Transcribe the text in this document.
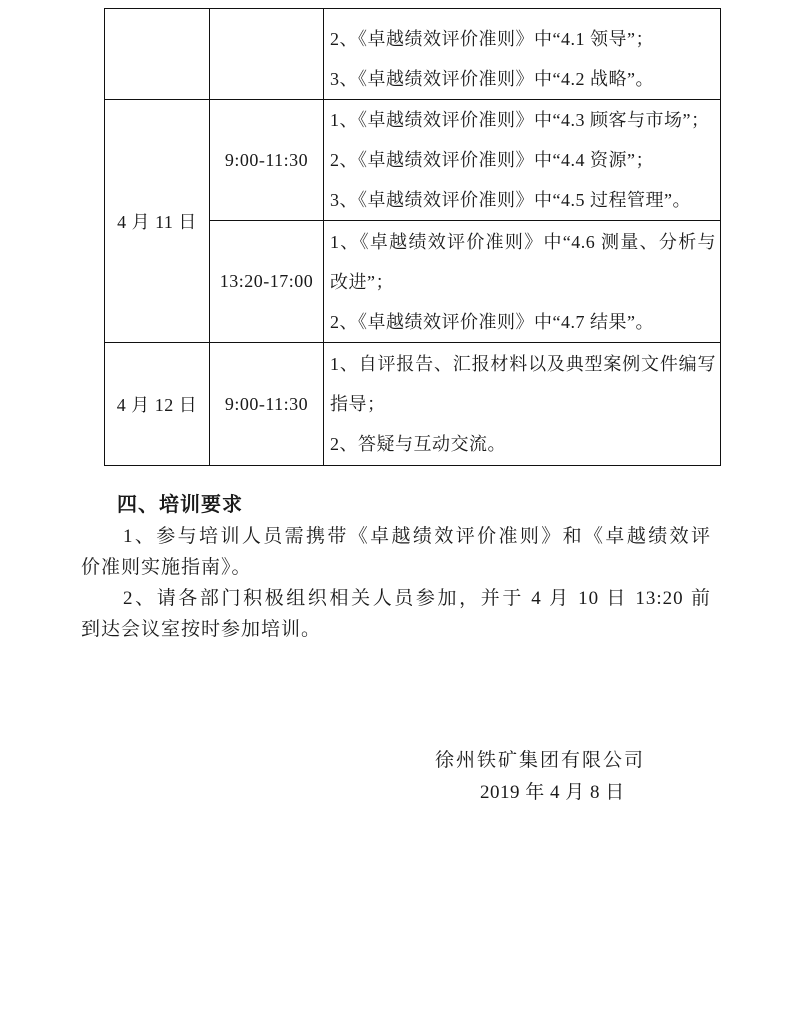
		2、《卓越绩效评价准则》中“4.1 领导”；
3、《卓越绩效评价准则》中“4.2 战略”。

4 月 11 日	9:00-11:30	1、《卓越绩效评价准则》中“4.3 顾客与市场”；
2、《卓越绩效评价准则》中“4.4 资源”；
3、《卓越绩效评价准则》中“4.5 过程管理”。

	13:20-17:00	1、《卓越绩效评价准则》中“4.6 测量、分析与
改进”；
2、《卓越绩效评价准则》中“4.7 结果”。

4 月 12 日	9:00-11:30	1、自评报告、汇报材料以及典型案例文件编写
指导；
2、答疑与互动交流。
四、培训要求
1、参与培训人员需携带《卓越绩效评价准则》和《卓越绩效评
价准则实施指南》。
2、请各部门积极组织相关人员参加，并于 4 月 10 日 13:20 前
到达会议室按时参加培训。
徐州铁矿集团有限公司
2019 年 4 月 8 日
